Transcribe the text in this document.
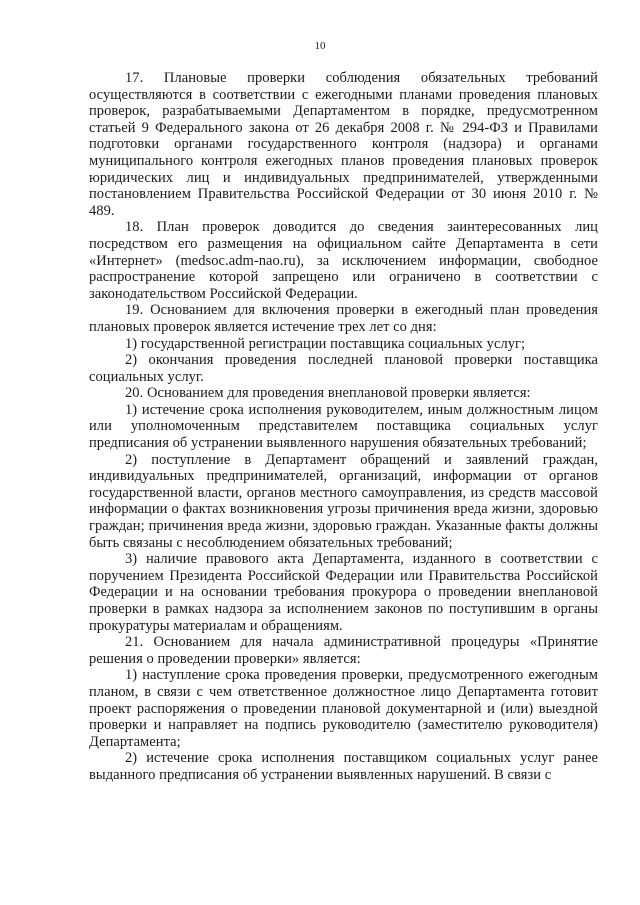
10

17. Плановые проверки соблюдения обязательных требований осуществляются в соответствии с ежегодными планами проведения плановых проверок, разрабатываемыми Департаментом в порядке, предусмотренном статьей 9 Федерального закона от 26 декабря 2008 г. № 294-ФЗ и Правилами подготовки органами государственного контроля (надзора) и органами муниципального контроля ежегодных планов проведения плановых проверок юридических лиц и индивидуальных предпринимателей, утвержденными постановлением Правительства Российской Федерации от 30 июня 2010 г. № 489.

18. План проверок доводится до сведения заинтересованных лиц посредством его размещения на официальном сайте Департамента в сети «Интернет» (medsoc.adm-nao.ru), за исключением информации, свободное распространение которой запрещено или ограничено в соответствии с законодательством Российской Федерации.

19. Основанием для включения проверки в ежегодный план проведения плановых проверок является истечение трех лет со дня:

1) государственной регистрации поставщика социальных услуг;

2) окончания проведения последней плановой проверки поставщика социальных услуг.

20. Основанием для проведения внеплановой проверки является:

1) истечение срока исполнения руководителем, иным должностным лицом или уполномоченным представителем поставщика социальных услуг предписания об устранении выявленного нарушения обязательных требований;

2) поступление в Департамент обращений и заявлений граждан, индивидуальных предпринимателей, организаций, информации от органов государственной власти, органов местного самоуправления, из средств массовой информации о фактах возникновения угрозы причинения вреда жизни, здоровью граждан; причинения вреда жизни, здоровью граждан. Указанные факты должны быть связаны с несоблюдением обязательных требований;

3) наличие правового акта Департамента, изданного в соответствии с поручением Президента Российской Федерации или Правительства Российской Федерации и на основании требования прокурора о проведении внеплановой проверки в рамках надзора за исполнением законов по поступившим в органы прокуратуры материалам и обращениям.

21. Основанием для начала административной процедуры «Принятие решения о проведении проверки» является:

1) наступление срока проведения проверки, предусмотренного ежегодным планом, в связи с чем ответственное должностное лицо Департамента готовит проект распоряжения о проведении плановой документарной и (или) выездной проверки и направляет на подпись руководителю (заместителю руководителя) Департамента;

2) истечение срока исполнения поставщиком социальных услуг ранее выданного предписания об устранении выявленных нарушений. В связи с
